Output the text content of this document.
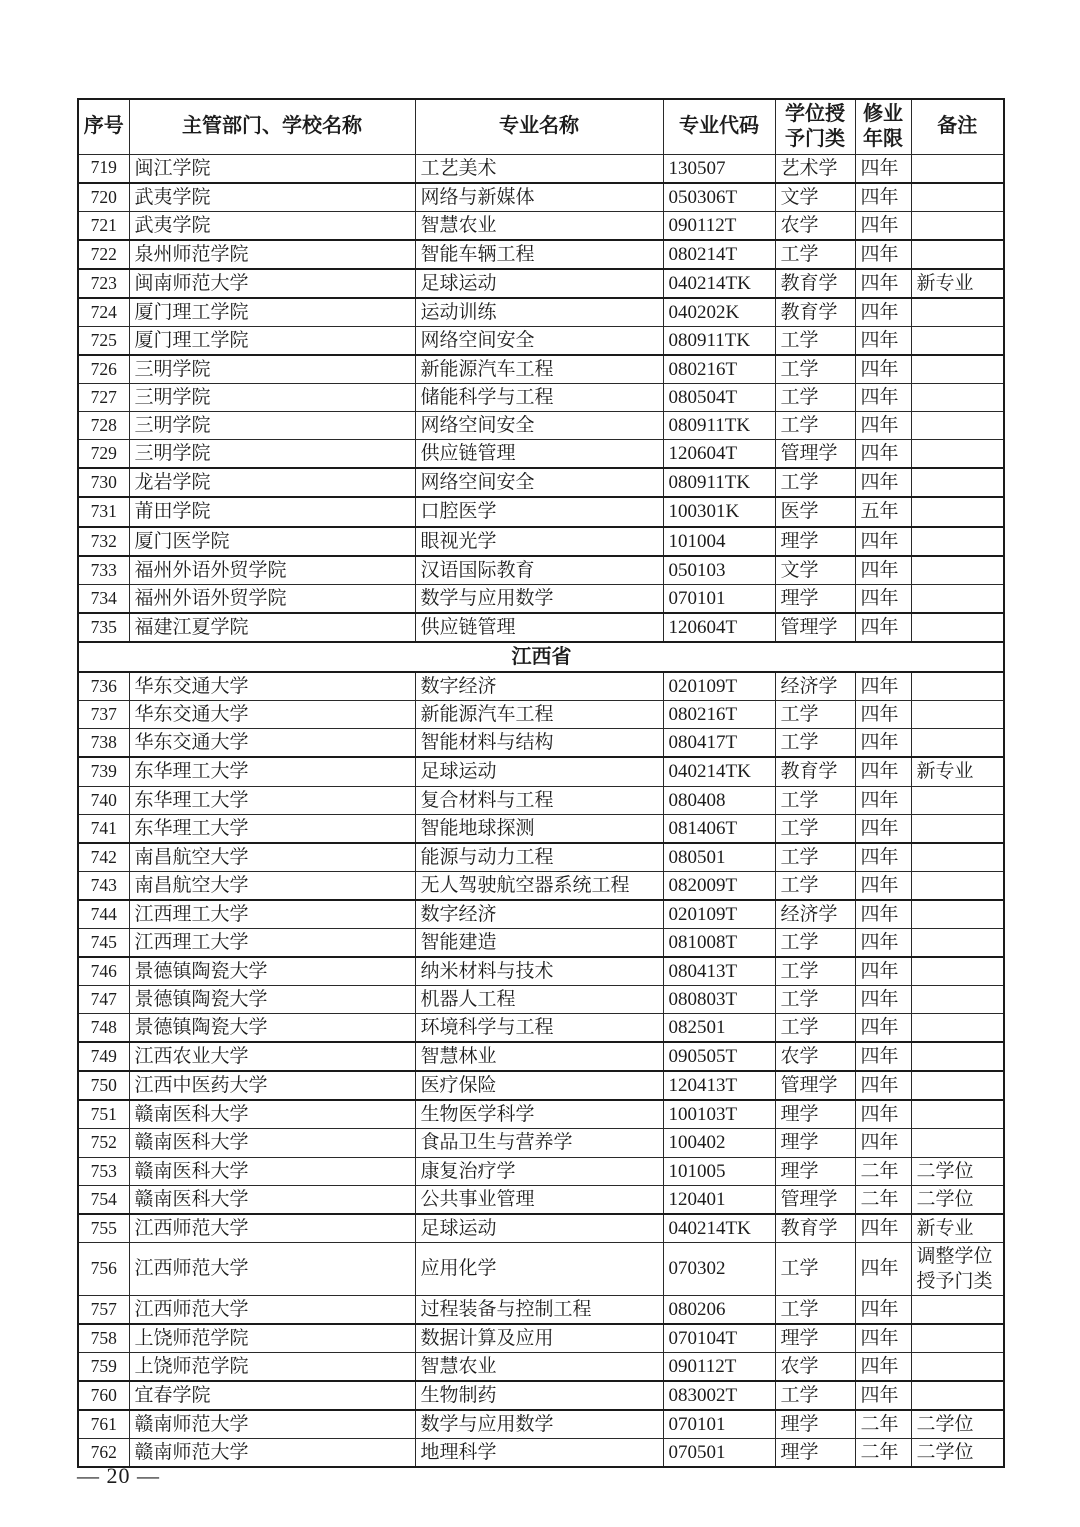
序号	主管部门、学校名称	专业名称	专业代码	学位授予门类	修业年限	备注
719	闽江学院	工艺美术	130507	艺术学	四年	
720	武夷学院	网络与新媒体	050306T	文学	四年	
721	武夷学院	智慧农业	090112T	农学	四年	
722	泉州师范学院	智能车辆工程	080214T	工学	四年	
723	闽南师范大学	足球运动	040214TK	教育学	四年	新专业
724	厦门理工学院	运动训练	040202K	教育学	四年	
725	厦门理工学院	网络空间安全	080911TK	工学	四年	
726	三明学院	新能源汽车工程	080216T	工学	四年	
727	三明学院	储能科学与工程	080504T	工学	四年	
728	三明学院	网络空间安全	080911TK	工学	四年	
729	三明学院	供应链管理	120604T	管理学	四年	
730	龙岩学院	网络空间安全	080911TK	工学	四年	
731	莆田学院	口腔医学	100301K	医学	五年	
732	厦门医学院	眼视光学	101004	理学	四年	
733	福州外语外贸学院	汉语国际教育	050103	文学	四年	
734	福州外语外贸学院	数学与应用数学	070101	理学	四年	
735	福建江夏学院	供应链管理	120604T	管理学	四年	
江西省						
736	华东交通大学	数字经济	020109T	经济学	四年	
737	华东交通大学	新能源汽车工程	080216T	工学	四年	
738	华东交通大学	智能材料与结构	080417T	工学	四年	
739	东华理工大学	足球运动	040214TK	教育学	四年	新专业
740	东华理工大学	复合材料与工程	080408	工学	四年	
741	东华理工大学	智能地球探测	081406T	工学	四年	
742	南昌航空大学	能源与动力工程	080501	工学	四年	
743	南昌航空大学	无人驾驶航空器系统工程	082009T	工学	四年	
744	江西理工大学	数字经济	020109T	经济学	四年	
745	江西理工大学	智能建造	081008T	工学	四年	
746	景德镇陶瓷大学	纳米材料与技术	080413T	工学	四年	
747	景德镇陶瓷大学	机器人工程	080803T	工学	四年	
748	景德镇陶瓷大学	环境科学与工程	082501	工学	四年	
749	江西农业大学	智慧林业	090505T	农学	四年	
750	江西中医药大学	医疗保险	120413T	管理学	四年	
751	赣南医科大学	生物医学科学	100103T	理学	四年	
752	赣南医科大学	食品卫生与营养学	100402	理学	四年	
753	赣南医科大学	康复治疗学	101005	理学	二年	二学位
754	赣南医科大学	公共事业管理	120401	管理学	二年	二学位
755	江西师范大学	足球运动	040214TK	教育学	四年	新专业
756	江西师范大学	应用化学	070302	工学	四年	调整学位授予门类
757	江西师范大学	过程装备与控制工程	080206	工学	四年	
758	上饶师范学院	数据计算及应用	070104T	理学	四年	
759	上饶师范学院	智慧农业	090112T	农学	四年	
760	宜春学院	生物制药	083002T	工学	四年	
761	赣南师范大学	数学与应用数学	070101	理学	二年	二学位
762	赣南师范大学	地理科学	070501	理学	二年	二学位
— 20 —
